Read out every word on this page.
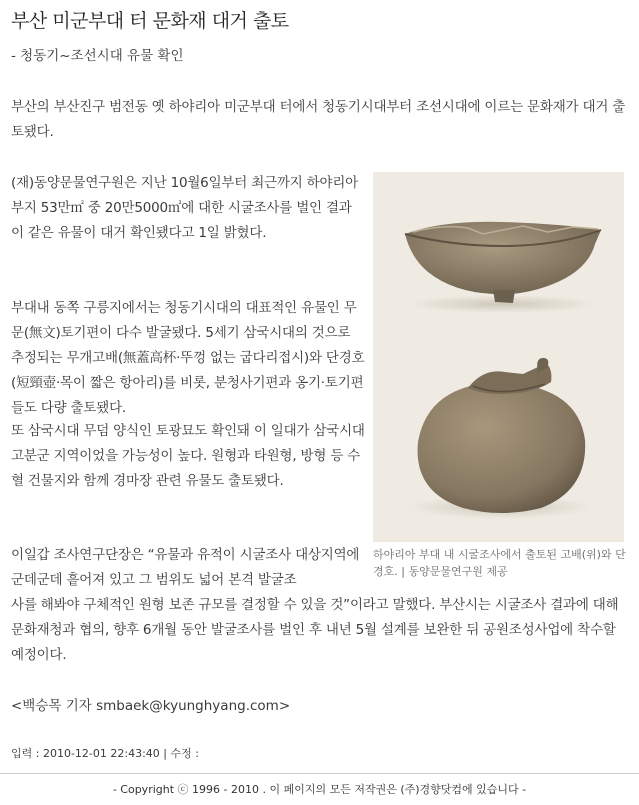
부산 미군부대 터 문화재 대거 출토
- 청동기~조선시대 유물 확인
부산의 부산진구 범전동 옛 하야리아 미군부대 터에서 청동기시대부터 조선시대에 이르는 문화재가 대거 출토됐다.
(재)동양문물연구원은 지난 10월6일부터 최근까지 하야리아 부지 53만㎡ 중 20만5000㎡에 대한 시굴조사를 벌인 결과 이 같은 유물이 대거 확인됐다고 1일 밝혔다.
부대내 동쪽 구릉지에서는 청동기시대의 대표적인 유물인 무문(無文)토기편이 다수 발굴됐다. 5세기 삼국시대의 것으로 추정되는 무개고배(無蓋高杯·뚜껑 없는 굽다리접시)와 단경호(短頸壺·목이 짧은 항아리)를 비롯, 분청사기편과 옹기·토기편들도 다량 출토됐다.
또 삼국시대 무덤 양식인 토광묘도 확인돼 이 일대가 삼국시대 고분군 지역이었을 가능성이 높다. 원형과 타원형, 방형 등 수혈 건물지와 함께 경마장 관련 유물도 출토됐다.
이일갑 조사연구단장은 “유물과 유적이 시굴조사 대상지역에 군데군데 흩어져 있고 그 범위도 넓어 본격 발굴조
사를 해봐야 구체적인 원형 보존 규모를 결정할 수 있을 것”이라고 말했다. 부산시는 시굴조사 결과에 대해 문화재청과 협의, 향후 6개월 동안 발굴조사를 벌인 후 내년 5월 설계를 보완한 뒤 공원조성사업에 착수할 예정이다.
하야리아 부대 내 시굴조사에서 출토된 고배(위)와 단경호. | 동양문물연구원 제공
<백승목 기자 smbaek@kyunghyang.com>
입력 : 2010-12-01 22:43:40 | 수정 :
- Copyright ⓒ 1996 - 2010 . 이 페이지의 모든 저작권은 (주)경향닷컴에 있습니다 -
